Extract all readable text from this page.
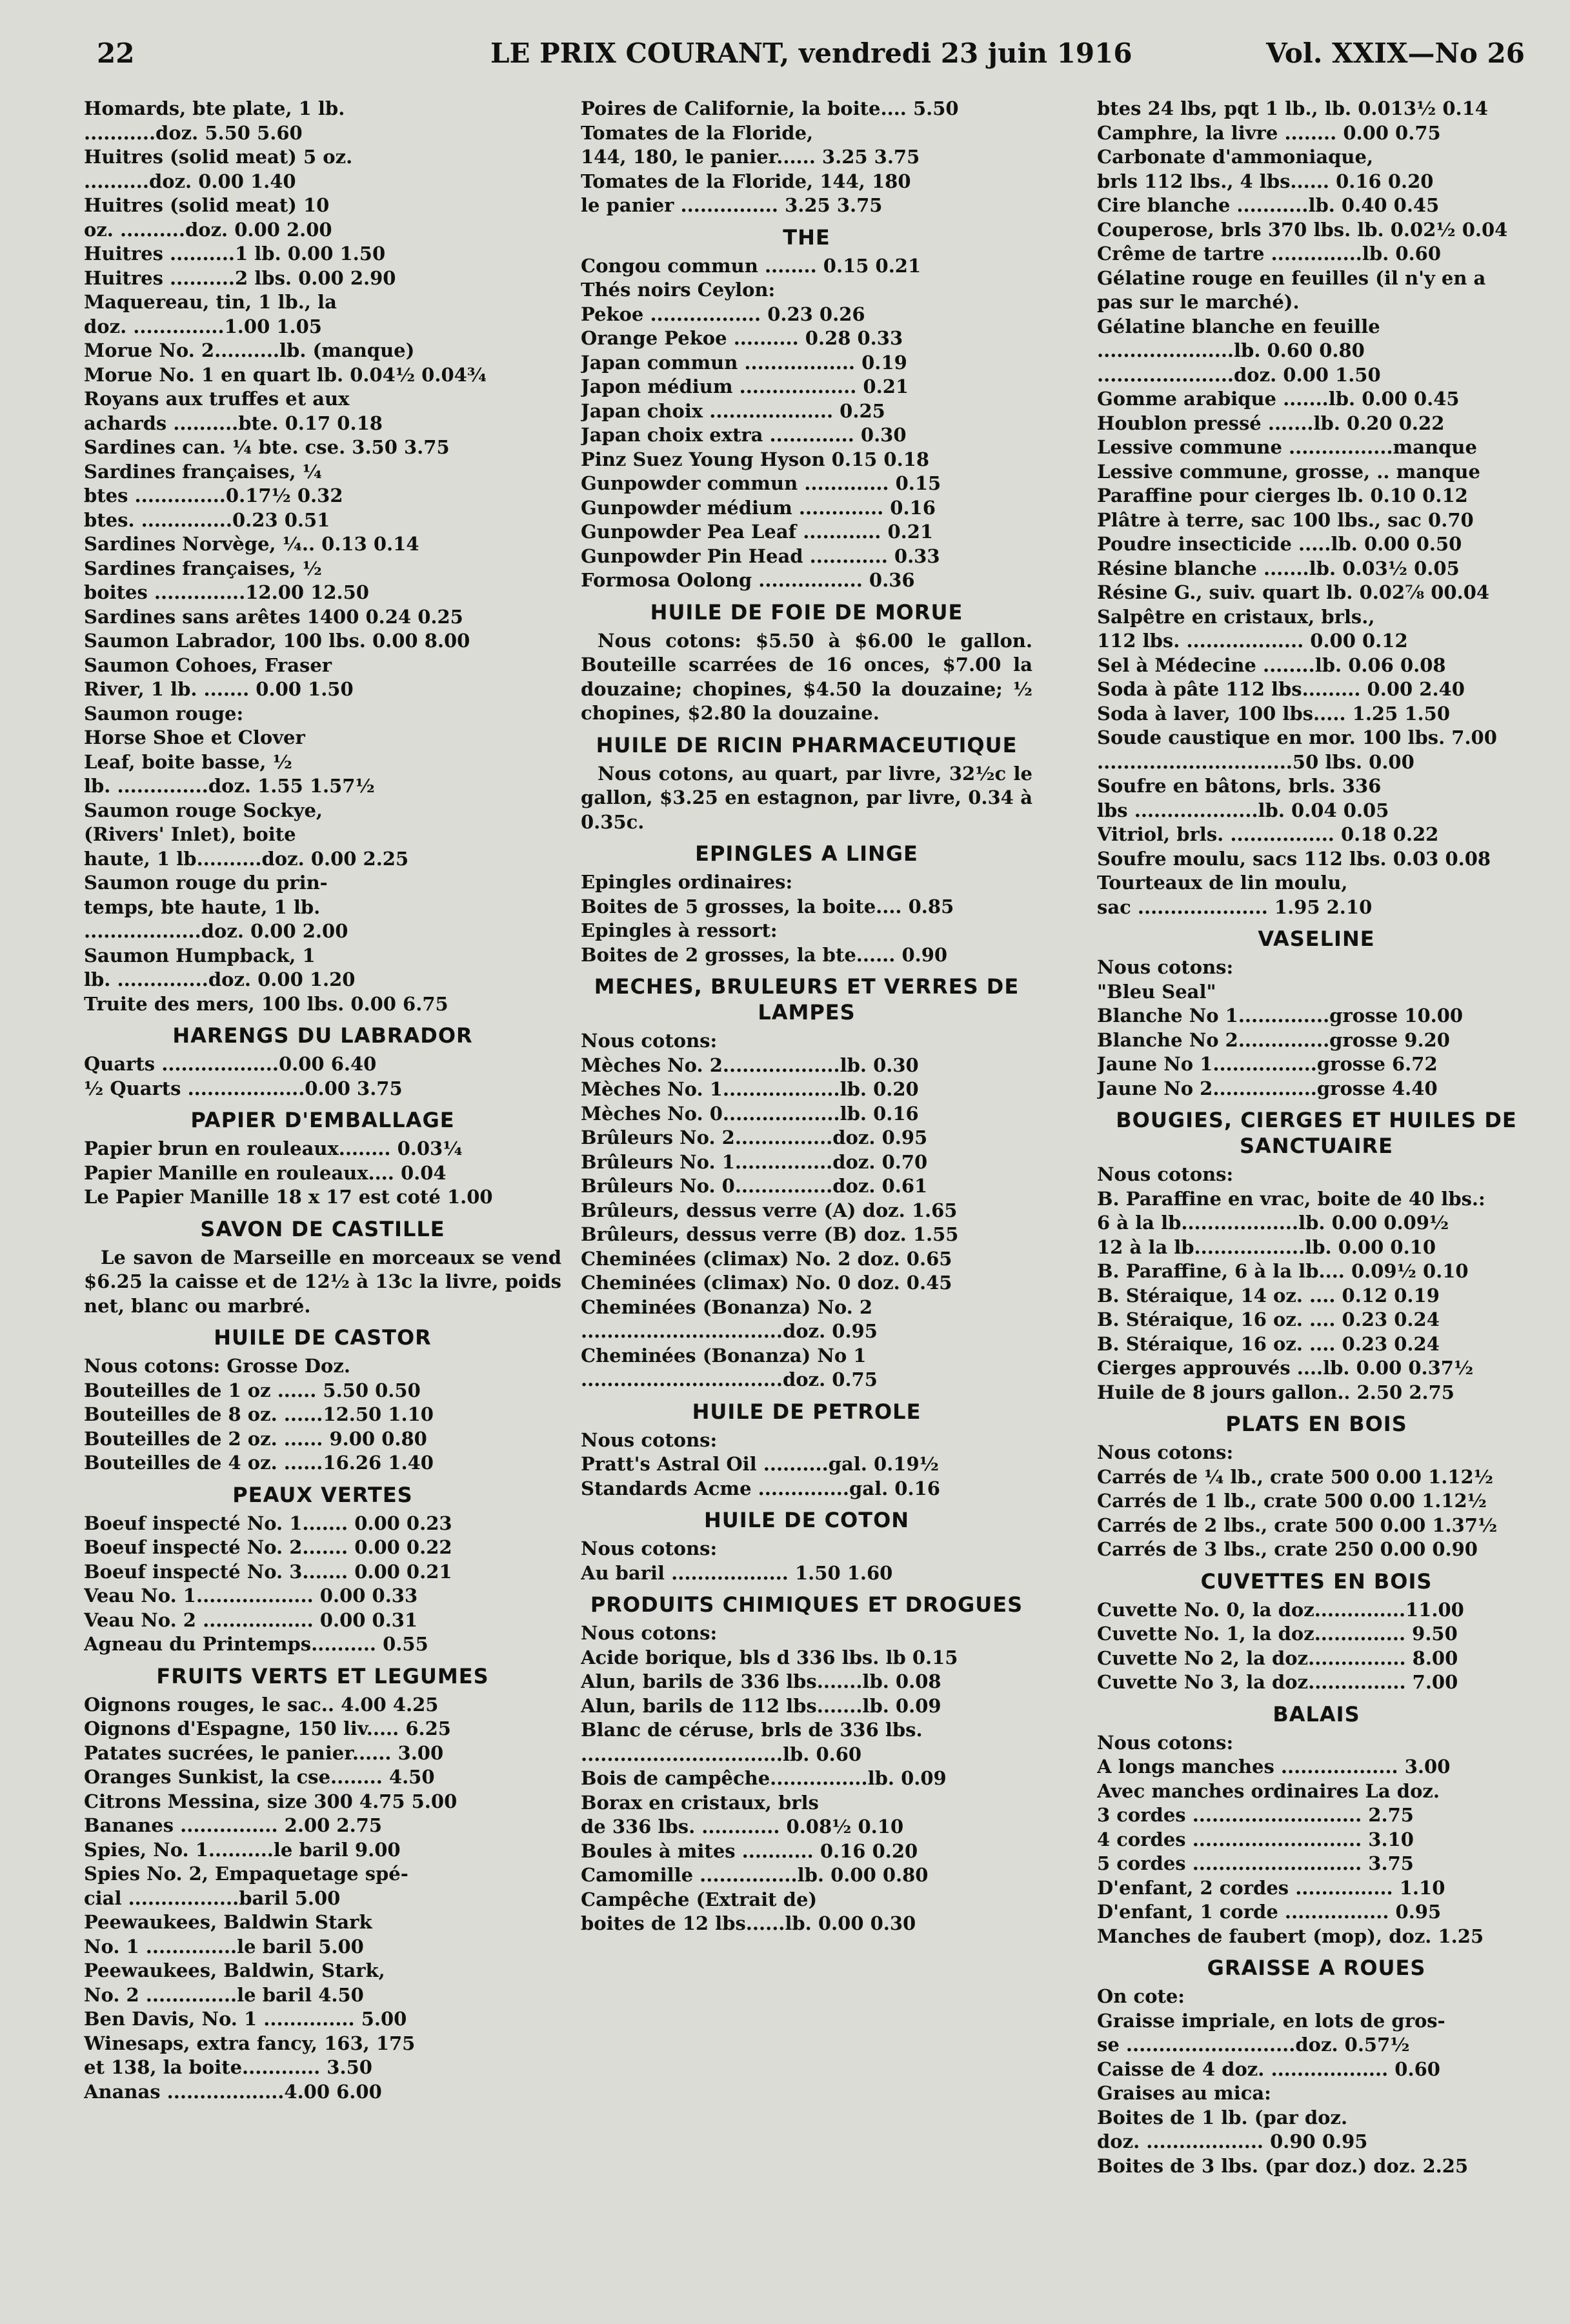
22	LE PRIX COURANT, vendredi 23 juin 1916	Vol. XXIX—No 26
Homards, bte plate, 1 lb.
...........doz. 5.50 5.60
Huitres (solid meat) 5 oz.
..........doz. 0.00 1.40
Huitres (solid meat) 10
oz. ..........doz. 0.00 2.00
Huitres ..........1 lb. 0.00 1.50
Huitres ..........2 lbs. 0.00 2.90
Maquereau, tin, 1 lb., la
doz. ..............1.00 1.05
Morue No. 2..........lb. (manque)
Morue No. 1 en quart lb. 0.04½ 0.04¾
Royans aux truffes et aux
achards ..........bte. 0.17 0.18
Sardines can. ¼ bte. cse. 3.50 3.75
Sardines françaises, ¼
btes ..............0.17½ 0.32
btes. ..............0.23 0.51
Sardines Norvège, ¼.. 0.13 0.14
Sardines françaises, ½
boites ..............12.00 12.50
Sardines sans arêtes 1400 0.24 0.25
Saumon Labrador, 100 lbs. 0.00 8.00
Saumon Cohoes, Fraser
River, 1 lb. ....... 0.00 1.50
Saumon rouge:
Horse Shoe et Clover
Leaf, boite basse, ½
lb. ..............doz. 1.55 1.57½
Saumon rouge Sockye,
(Rivers' Inlet), boite
haute, 1 lb..........doz. 0.00 2.25
Saumon rouge du prin-
temps, bte haute, 1 lb.
..................doz. 0.00 2.00
Saumon Humpback, 1
lb. ..............doz. 0.00 1.20
Truite des mers, 100 lbs. 0.00 6.75
HARENGS DU LABRADOR
Quarts ..................0.00 6.40
½ Quarts ..................0.00 3.75
PAPIER D'EMBALLAGE
Papier brun en rouleaux........ 0.03¼
Papier Manille en rouleaux.... 0.04
Le Papier Manille 18 x 17 est coté 1.00
SAVON DE CASTILLE
Le savon de Marseille en morceaux se vend $6.25 la caisse et de 12½ à 13c la livre, poids net, blanc ou marbré.
HUILE DE CASTOR
Nous cotons: Grosse Doz.
Bouteilles de 1 oz ...... 5.50 0.50
Bouteilles de 8 oz. ......12.50 1.10
Bouteilles de 2 oz. ...... 9.00 0.80
Bouteilles de 4 oz. ......16.26 1.40
PEAUX VERTES
Boeuf inspecté No. 1....... 0.00 0.23
Boeuf inspecté No. 2....... 0.00 0.22
Boeuf inspecté No. 3....... 0.00 0.21
Veau No. 1.................. 0.00 0.33
Veau No. 2 ................. 0.00 0.31
Agneau du Printemps.......... 0.55
FRUITS VERTS ET LEGUMES
Oignons rouges, le sac.. 4.00 4.25
Oignons d'Espagne, 150 liv..... 6.25
Patates sucrées, le panier...... 3.00
Oranges Sunkist, la cse........ 4.50
Citrons Messina, size 300 4.75 5.00
Bananes ............... 2.00 2.75
Spies, No. 1..........le baril 9.00
Spies No. 2, Empaquetage spé-
cial .................baril 5.00
Peewaukees, Baldwin Stark
No. 1 ..............le baril 5.00
Peewaukees, Baldwin, Stark,
No. 2 ..............le baril 4.50
Ben Davis, No. 1 .............. 5.00
Winesaps, extra fancy, 163, 175
et 138, la boite............ 3.50
Ananas ..................4.00 6.00
Poires de Californie, la boite.... 5.50
Tomates de la Floride,
144, 180, le panier...... 3.25 3.75
Tomates de la Floride, 144, 180
le panier ............... 3.25 3.75
THE
Congou commun ........ 0.15 0.21
Thés noirs Ceylon:
Pekoe ................. 0.23 0.26
Orange Pekoe .......... 0.28 0.33
Japan commun ................. 0.19
Japon médium .................. 0.21
Japan choix ................... 0.25
Japan choix extra ............. 0.30
Pinz Suez Young Hyson 0.15 0.18
Gunpowder commun ............. 0.15
Gunpowder médium ............. 0.16
Gunpowder Pea Leaf ............ 0.21
Gunpowder Pin Head ............ 0.33
Formosa Oolong ................ 0.36
HUILE DE FOIE DE MORUE
Nous cotons: $5.50 à $6.00 le gallon. Bouteille scarrées de 16 onces, $7.00 la douzaine; chopines, $4.50 la douzaine; ½ chopines, $2.80 la douzaine.
HUILE DE RICIN PHARMACEUTIQUE
Nous cotons, au quart, par livre, 32½c le gallon, $3.25 en estagnon, par livre, 0.34 à 0.35c.
EPINGLES A LINGE
Epingles ordinaires:
Boites de 5 grosses, la boite.... 0.85
Epingles à ressort:
Boites de 2 grosses, la bte...... 0.90
MECHES, BRULEURS ET VERRES DE LAMPES
Nous cotons:
Mèches No. 2..................lb. 0.30
Mèches No. 1..................lb. 0.20
Mèches No. 0..................lb. 0.16
Brûleurs No. 2...............doz. 0.95
Brûleurs No. 1...............doz. 0.70
Brûleurs No. 0...............doz. 0.61
Brûleurs, dessus verre (A) doz. 1.65
Brûleurs, dessus verre (B) doz. 1.55
Cheminées (climax) No. 2 doz. 0.65
Cheminées (climax) No. 0 doz. 0.45
Cheminées (Bonanza) No. 2
...............................doz. 0.95
Cheminées (Bonanza) No 1
...............................doz. 0.75
HUILE DE PETROLE
Nous cotons:
Pratt's Astral Oil ..........gal. 0.19½
Standards Acme ..............gal. 0.16
HUILE DE COTON
Nous cotons:
Au baril .................. 1.50 1.60
PRODUITS CHIMIQUES ET DROGUES
Nous cotons:
Acide borique, bls d 336 lbs. lb 0.15
Alun, barils de 336 lbs.......lb. 0.08
Alun, barils de 112 lbs.......lb. 0.09
Blanc de céruse, brls de 336 lbs.
...............................lb. 0.60
Bois de campêche...............lb. 0.09
Borax en cristaux, brls
de 336 lbs. ............ 0.08½ 0.10
Boules à mites ........... 0.16 0.20
Camomille ...............lb. 0.00 0.80
Campêche (Extrait de)
boites de 12 lbs......lb. 0.00 0.30
btes 24 lbs, pqt 1 lb., lb. 0.013½ 0.14
Camphre, la livre ........ 0.00 0.75
Carbonate d'ammoniaque,
brls 112 lbs., 4 lbs...... 0.16 0.20
Cire blanche ...........lb. 0.40 0.45
Couperose, brls 370 lbs. lb. 0.02½ 0.04
Crême de tartre ..............lb. 0.60
Gélatine rouge en feuilles (il n'y en a
pas sur le marché).
Gélatine blanche en feuille
.....................lb. 0.60 0.80
.....................doz. 0.00 1.50
Gomme arabique .......lb. 0.00 0.45
Houblon pressé .......lb. 0.20 0.22
Lessive commune ................manque
Lessive commune, grosse, .. manque
Paraffine pour cierges lb. 0.10 0.12
Plâtre à terre, sac 100 lbs., sac 0.70
Poudre insecticide .....lb. 0.00 0.50
Résine blanche .......lb. 0.03½ 0.05
Résine G., suiv. quart lb. 0.02⅞ 00.04
Salpêtre en cristaux, brls.,
112 lbs. .................. 0.00 0.12
Sel à Médecine ........lb. 0.06 0.08
Soda à pâte 112 lbs......... 0.00 2.40
Soda à laver, 100 lbs..... 1.25 1.50
Soude caustique en mor. 100 lbs. 7.00
..............................50 lbs. 0.00
Soufre en bâtons, brls. 336
lbs ...................lb. 0.04 0.05
Vitriol, brls. ................ 0.18 0.22
Soufre moulu, sacs 112 lbs. 0.03 0.08
Tourteaux de lin moulu,
sac .................... 1.95 2.10
VASELINE
Nous cotons:
"Bleu Seal"
Blanche No 1..............grosse 10.00
Blanche No 2..............grosse 9.20
Jaune No 1................grosse 6.72
Jaune No 2................grosse 4.40
BOUGIES, CIERGES ET HUILES DE SANCTUAIRE
Nous cotons:
B. Paraffine en vrac, boite de 40 lbs.:
6 à la lb..................lb. 0.00 0.09½
12 à la lb.................lb. 0.00 0.10
B. Paraffine, 6 à la lb.... 0.09½ 0.10
B. Stéraique, 14 oz. .... 0.12 0.19
B. Stéraique, 16 oz. .... 0.23 0.24
B. Stéraique, 16 oz. .... 0.23 0.24
Cierges approuvés ....lb. 0.00 0.37½
Huile de 8 jours gallon.. 2.50 2.75
PLATS EN BOIS
Nous cotons:
Carrés de ¼ lb., crate 500 0.00 1.12½
Carrés de 1 lb., crate 500 0.00 1.12½
Carrés de 2 lbs., crate 500 0.00 1.37½
Carrés de 3 lbs., crate 250 0.00 0.90
CUVETTES EN BOIS
Cuvette No. 0, la doz..............11.00
Cuvette No. 1, la doz.............. 9.50
Cuvette No 2, la doz............... 8.00
Cuvette No 3, la doz............... 7.00
BALAIS
Nous cotons:
A longs manches .................. 3.00
Avec manches ordinaires La doz.
3 cordes .......................... 2.75
4 cordes .......................... 3.10
5 cordes .......................... 3.75
D'enfant, 2 cordes ............... 1.10
D'enfant, 1 corde ................ 0.95
Manches de faubert (mop), doz. 1.25
GRAISSE A ROUES
On cote:
Graisse impriale, en lots de gros-
se ..........................doz. 0.57½
Caisse de 4 doz. .................. 0.60
Graises au mica:
Boites de 1 lb. (par doz.
doz. .................. 0.90 0.95
Boites de 3 lbs. (par doz.) doz. 2.25
